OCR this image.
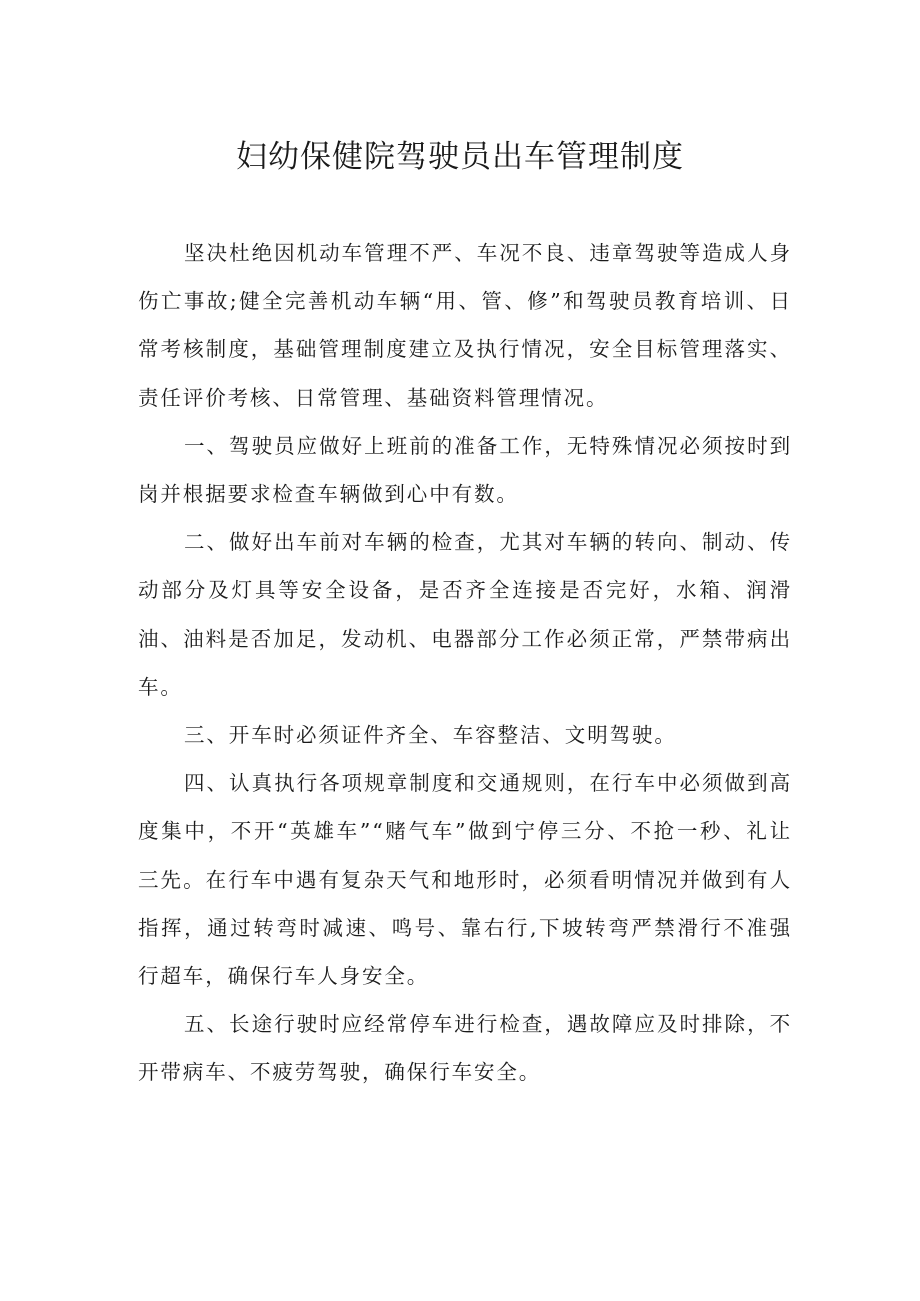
妇幼保健院驾驶员出车管理制度

坚决杜绝因机动车管理不严、车况不良、违章驾驶等造成人身伤亡事故;健全完善机动车辆“用、管、修”和驾驶员教育培训、日常考核制度，基础管理制度建立及执行情况，安全目标管理落实、责任评价考核、日常管理、基础资料管理情况。

一、驾驶员应做好上班前的准备工作，无特殊情况必须按时到岗并根据要求检查车辆做到心中有数。

二、做好出车前对车辆的检查，尤其对车辆的转向、制动、传动部分及灯具等安全设备，是否齐全连接是否完好，水箱、润滑油、油料是否加足，发动机、电器部分工作必须正常，严禁带病出车。

三、开车时必须证件齐全、车容整洁、文明驾驶。

四、认真执行各项规章制度和交通规则，在行车中必须做到高度集中，不开“英雄车”“赌气车”做到宁停三分、不抢一秒、礼让三先。在行车中遇有复杂天气和地形时，必须看明情况并做到有人指挥，通过转弯时减速、鸣号、靠右行,下坡转弯严禁滑行不准强行超车，确保行车人身安全。

五、长途行驶时应经常停车进行检查，遇故障应及时排除，不开带病车、不疲劳驾驶，确保行车安全。
